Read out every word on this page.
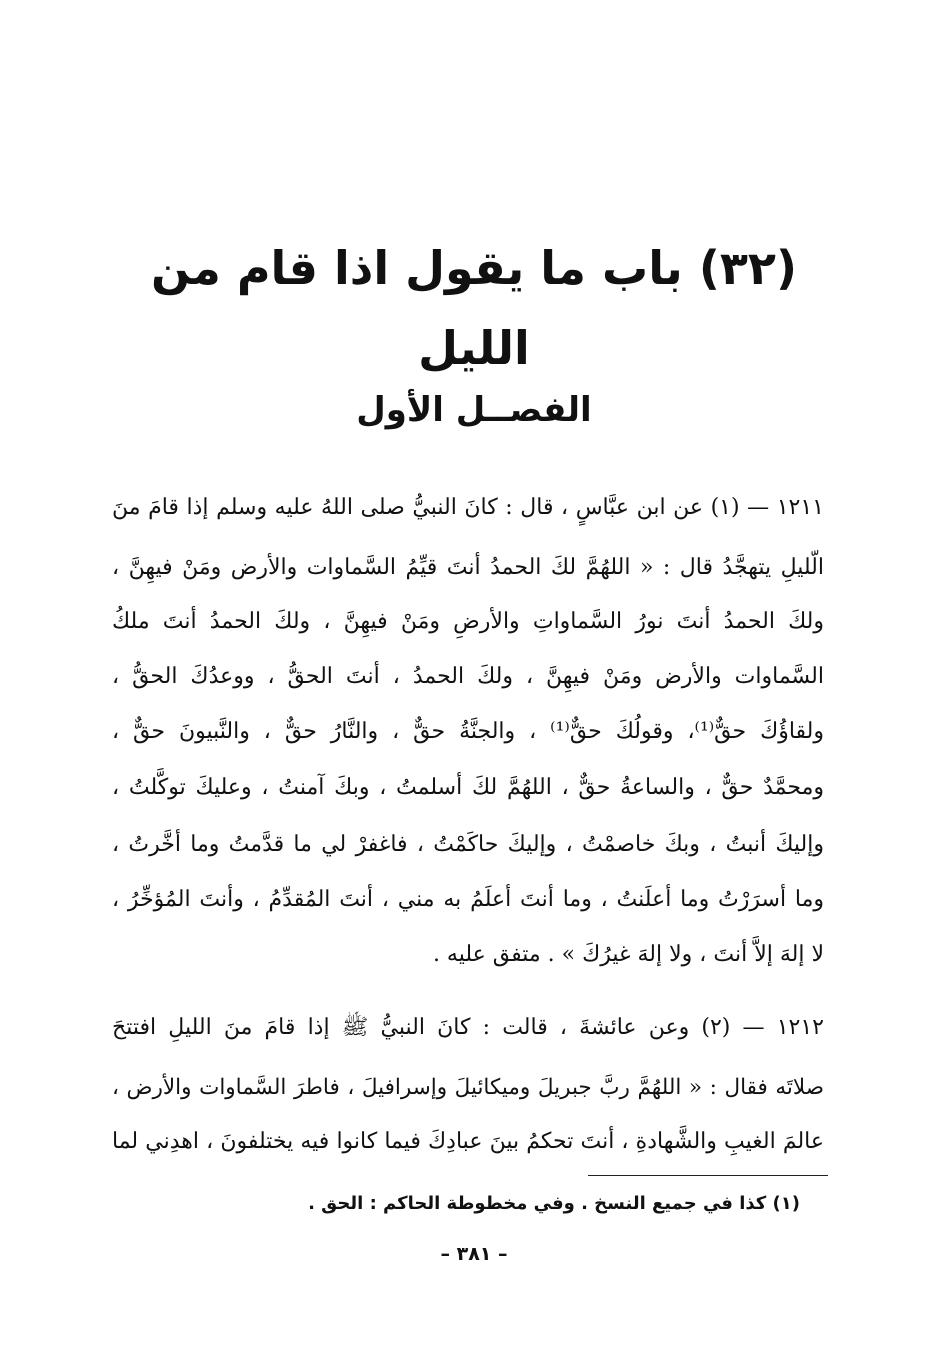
(٣٢) باب ما يقول اذا قام من الليل
الفصــل الأول
١٢١١ — (١) عن ابن عبَّاسٍ ، قال : كانَ النبيُّ صلى اللهُ عليه وسلم إذا قامَ منَ
الّليلِ يتهجَّدُ قال : « اللهُمَّ لكَ الحمدُ أنتَ قيِّمُ السَّماوات والأرض ومَنْ فيهِنَّ ،
ولكَ الحمدُ أنتَ نورُ السَّماواتِ والأرضِ ومَنْ فيهِنَّ ، ولكَ الحمدُ أنتَ ملكُ
السَّماوات والأرض ومَنْ فيهِنَّ ، ولكَ الحمدُ ، أنتَ الحقُّ ، ووعدُكَ الحقُّ ،
ولقاؤُكَ حقٌّ⁽¹⁾، وقولُكَ حقٌّ⁽¹⁾ ، والجنَّةُ حقٌّ ، والنَّارُ حقٌّ ، والنَّبيونَ حقٌّ ،
ومحمَّدٌ حقٌّ ، والساعةُ حقٌّ ، اللهُمَّ لكَ أسلمتُ ، وبكَ آمنتُ ، وعليكَ توكَّلتُ ،
وإليكَ أنبتُ ، وبكَ خاصمْتُ ، وإليكَ حاكَمْتُ ، فاغفرْ لي ما قدَّمتُ وما أخَّرتُ ،
وما أسرَرْتُ وما أعلَنتُ ، وما أنتَ أعلَمُ به مني ، أنتَ المُقدِّمُ ، وأنتَ المُؤخِّرُ ،
لا إلهَ إلاَّ أنتَ ، ولا إلهَ غيرُكَ » . متفق عليه .
١٢١٢ — (٢) وعن عائشةَ ، قالت : كانَ النبيُّ ﷺ إذا قامَ منَ الليلِ افتتحَ
صلاتَه فقال : « اللهُمَّ ربَّ جبريلَ وميكائيلَ وإسرافيلَ ، فاطرَ السَّماوات والأرض ،
عالمَ الغيبِ والشَّهادةِ ، أنتَ تحكمُ بينَ عبادِكَ فيما كانوا فيه يختلفونَ ، اهدِني لما
(١) كذا في جميع النسخ . وفي مخطوطة الحاكم : الحق .
– ٣٨١ –
